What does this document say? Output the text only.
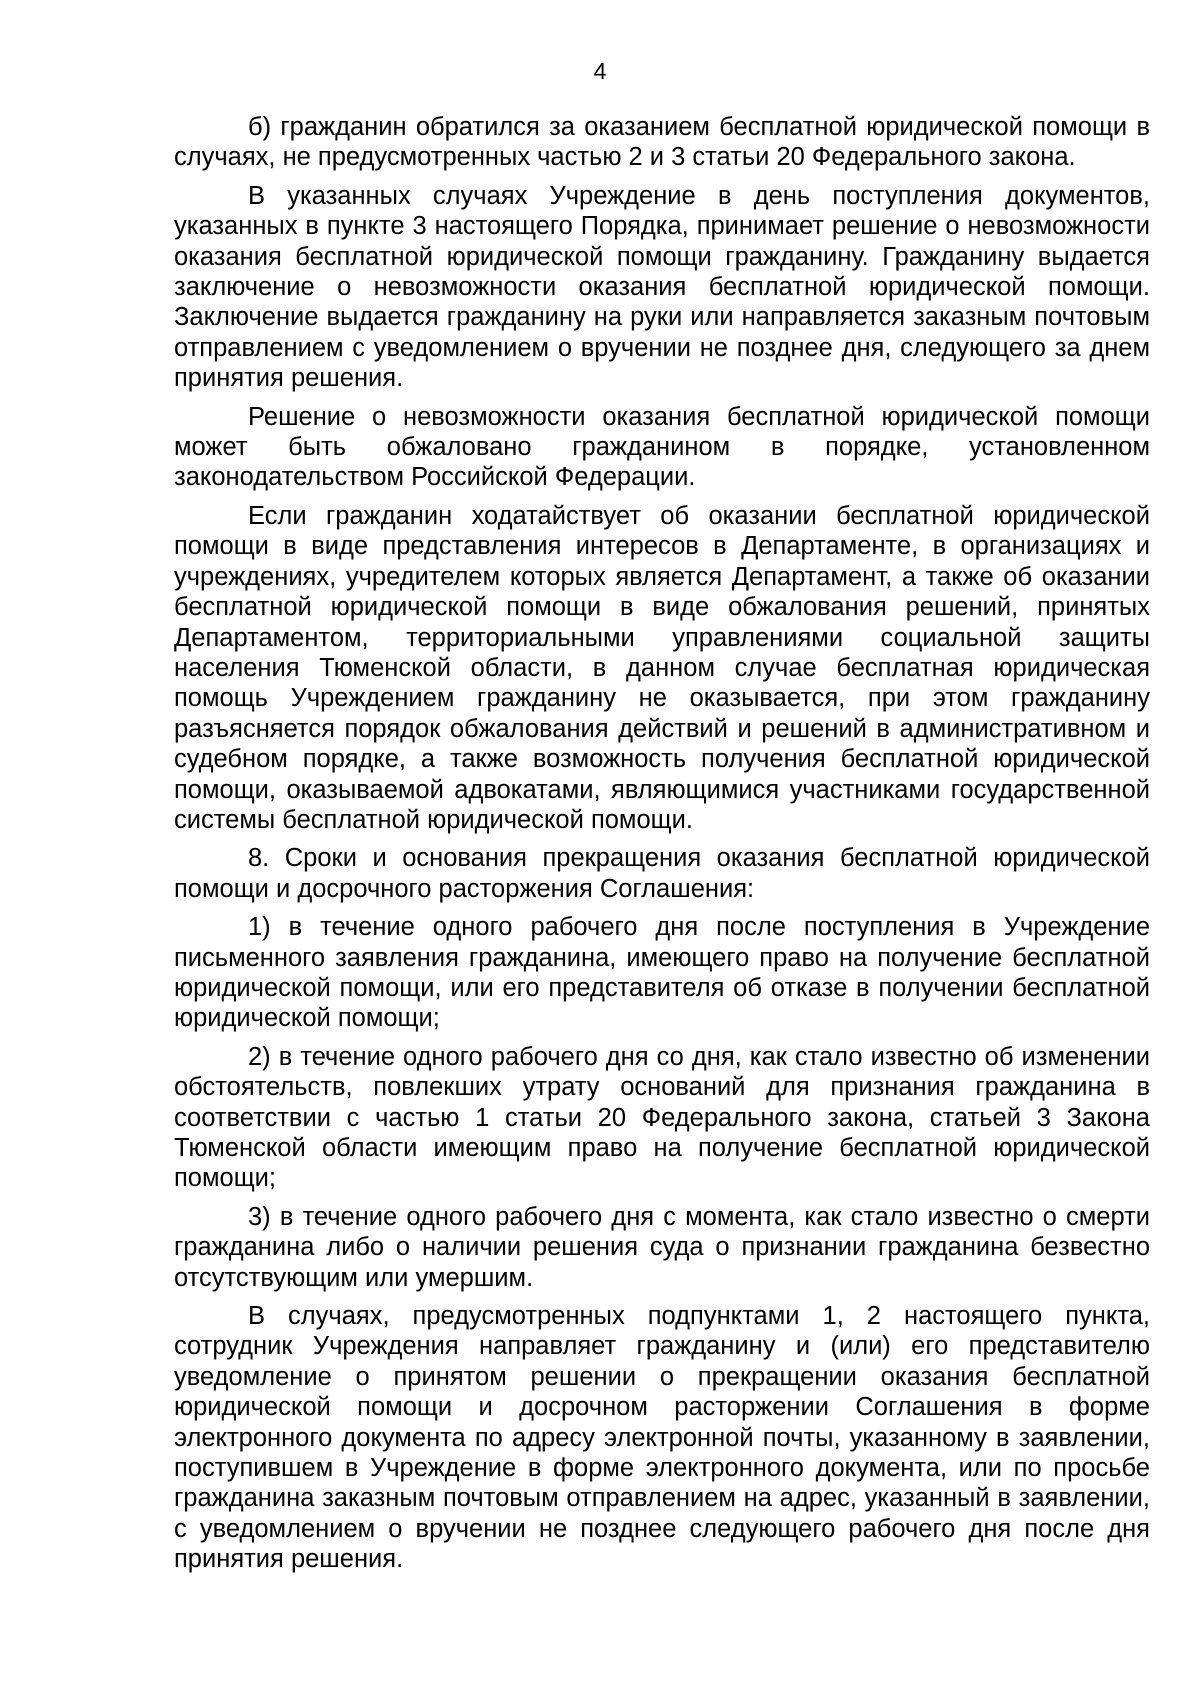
4

б) гражданин обратился за оказанием бесплатной юридической помощи в случаях, не предусмотренных частью 2 и 3 статьи 20 Федерального закона.

В указанных случаях Учреждение в день поступления документов, указанных в пункте 3 настоящего Порядка, принимает решение о невозможности оказания бесплатной юридической помощи гражданину. Гражданину выдается заключение о невозможности оказания бесплатной юридической помощи. Заключение выдается гражданину на руки или направляется заказным почтовым отправлением с уведомлением о вручении не позднее дня, следующего за днем принятия решения.

Решение о невозможности оказания бесплатной юридической помощи может быть обжаловано гражданином в порядке, установленном законодательством Российской Федерации.

Если гражданин ходатайствует об оказании бесплатной юридической помощи в виде представления интересов в Департаменте, в организациях и учреждениях, учредителем которых является Департамент, а также об оказании бесплатной юридической помощи в виде обжалования решений, принятых Департаментом, территориальными управлениями социальной защиты населения Тюменской области, в данном случае бесплатная юридическая помощь Учреждением гражданину не оказывается, при этом гражданину разъясняется порядок обжалования действий и решений в административном и судебном порядке, а также возможность получения бесплатной юридической помощи, оказываемой адвокатами, являющимися участниками государственной системы бесплатной юридической помощи.

8. Сроки и основания прекращения оказания бесплатной юридической помощи и досрочного расторжения Соглашения:

1) в течение одного рабочего дня после поступления в Учреждение письменного заявления гражданина, имеющего право на получение бесплатной юридической помощи, или его представителя об отказе в получении бесплатной юридической помощи;

2) в течение одного рабочего дня со дня, как стало известно об изменении обстоятельств, повлекших утрату оснований для признания гражданина в соответствии с частью 1 статьи 20 Федерального закона, статьей 3 Закона Тюменской области имеющим право на получение бесплатной юридической помощи;

3) в течение одного рабочего дня с момента, как стало известно о смерти гражданина либо о наличии решения суда о признании гражданина безвестно отсутствующим или умершим.

В случаях, предусмотренных подпунктами 1, 2 настоящего пункта, сотрудник Учреждения направляет гражданину и (или) его представителю уведомление о принятом решении о прекращении оказания бесплатной юридической помощи и досрочном расторжении Соглашения в форме электронного документа по адресу электронной почты, указанному в заявлении, поступившем в Учреждение в форме электронного документа, или по просьбе гражданина заказным почтовым отправлением на адрес, указанный в заявлении, с уведомлением о вручении не позднее следующего рабочего дня после дня принятия решения.
